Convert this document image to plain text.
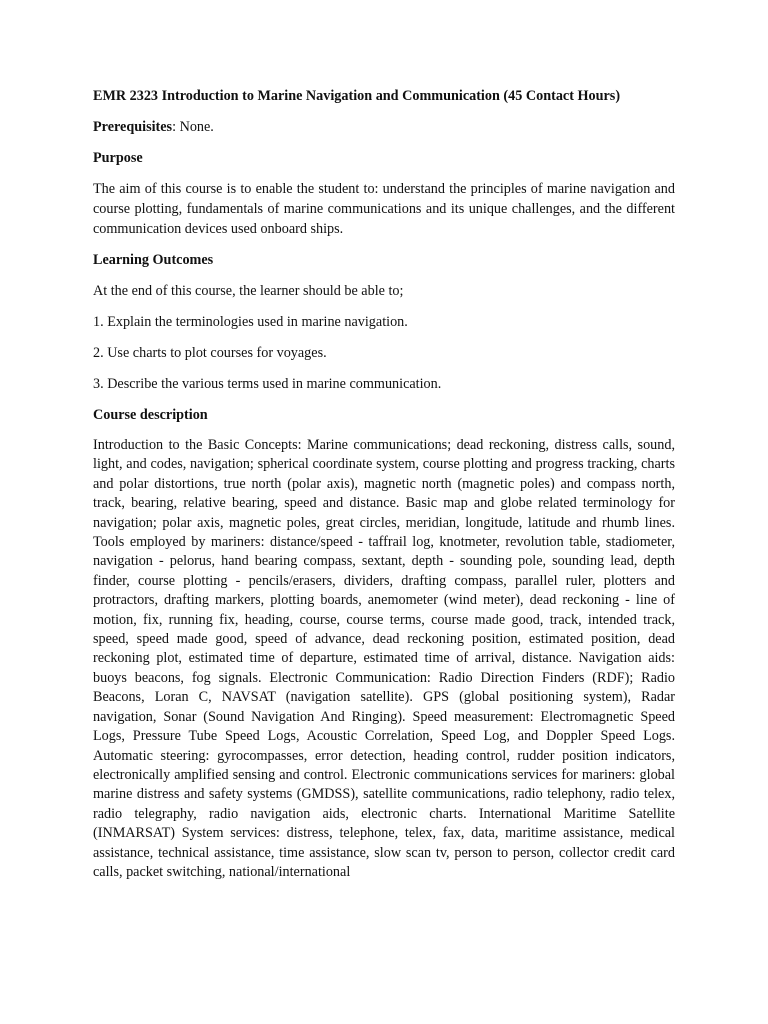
EMR 2323 Introduction to Marine Navigation and Communication (45 Contact Hours)
Prerequisites: None.
Purpose
The aim of this course is to enable the student to: understand the principles of marine navigation and course plotting, fundamentals of marine communications and its unique challenges, and the different communication devices used onboard ships.
Learning Outcomes
At the end of this course, the learner should be able to;
1. Explain the terminologies used in marine navigation.
2. Use charts to plot courses for voyages.
3. Describe the various terms used in marine communication.
Course description
Introduction to the Basic Concepts: Marine communications; dead reckoning, distress calls, sound, light, and codes, navigation; spherical coordinate system, course plotting and progress tracking, charts and polar distortions, true north (polar axis), magnetic north (magnetic poles) and compass north, track, bearing, relative bearing, speed and distance. Basic map and globe related terminology for navigation; polar axis, magnetic poles, great circles, meridian, longitude, latitude and rhumb lines. Tools employed by mariners: distance/speed - taffrail log, knotmeter, revolution table, stadiometer, navigation - pelorus, hand bearing compass, sextant, depth - sounding pole, sounding lead, depth finder, course plotting - pencils/erasers, dividers, drafting compass, parallel ruler, plotters and protractors, drafting markers, plotting boards, anemometer (wind meter), dead reckoning - line of motion, fix, running fix, heading, course, course terms, course made good, track, intended track, speed, speed made good, speed of advance, dead reckoning position, estimated position, dead reckoning plot, estimated time of departure, estimated time of arrival, distance. Navigation aids: buoys beacons, fog signals. Electronic Communication: Radio Direction Finders (RDF); Radio Beacons, Loran C, NAVSAT (navigation satellite). GPS (global positioning system), Radar navigation, Sonar (Sound Navigation And Ringing). Speed measurement: Electromagnetic Speed Logs, Pressure Tube Speed Logs, Acoustic Correlation, Speed Log, and Doppler Speed Logs. Automatic steering: gyrocompasses, error detection, heading control, rudder position indicators, electronically amplified sensing and control. Electronic communications services for mariners: global marine distress and safety systems (GMDSS), satellite communications, radio telephony, radio telex, radio telegraphy, radio navigation aids, electronic charts. International Maritime Satellite (INMARSAT) System services: distress, telephone, telex, fax, data, maritime assistance, medical assistance, technical assistance, time assistance, slow scan tv, person to person, collector credit card calls, packet switching, national/international
